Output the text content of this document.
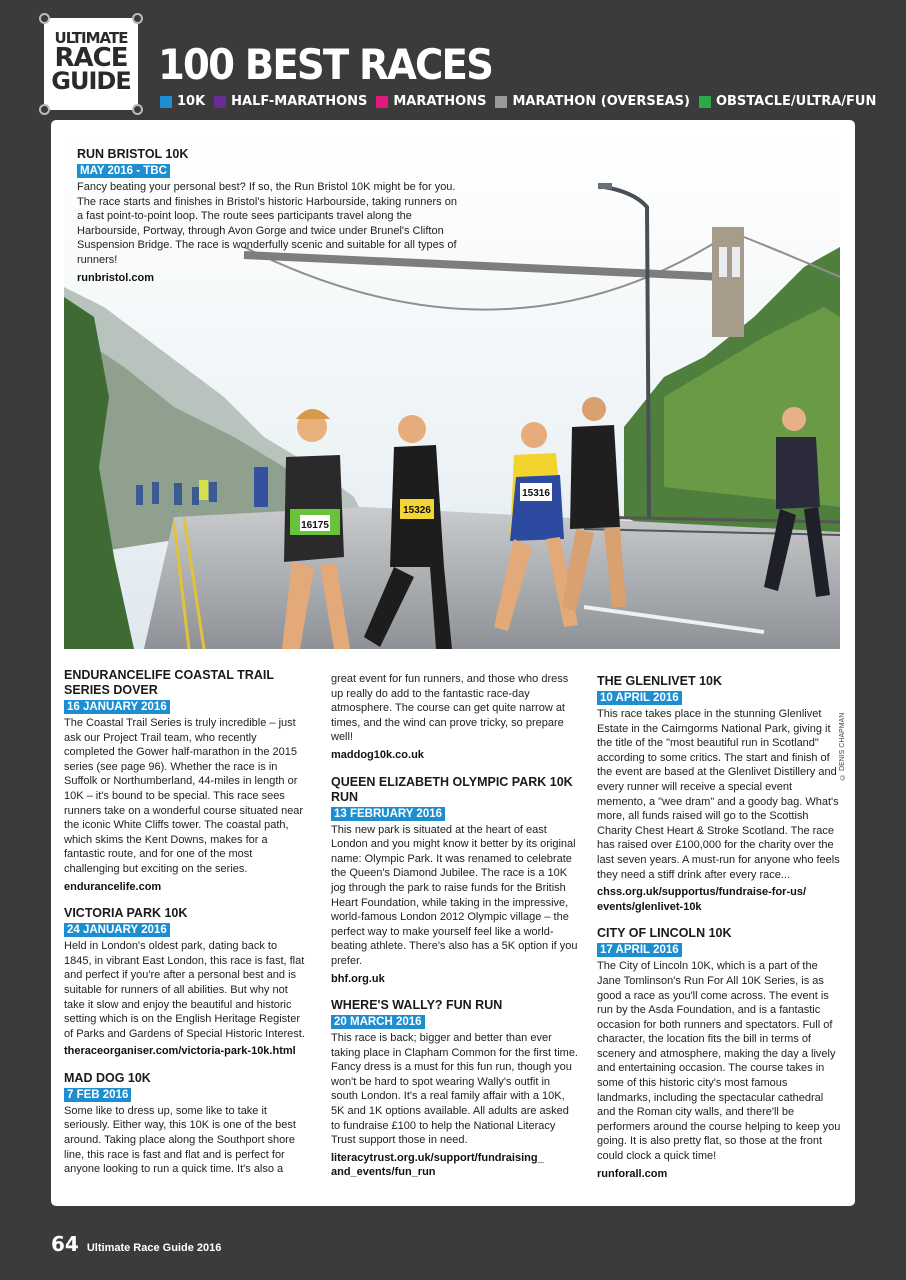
ULTIMATE
RACE
GUIDE 100 BEST RACES
10K HALF-MARATHONS MARATHONS MARATHON (OVERSEAS) OBSTACLE/ULTRA/FUN
16175
15326
15316
© DENIS CHAPMAN
RUN BRISTOL 10K
MAY 2016 - TBC

Fancy beating your personal best? If so, the Run Bristol 10K might be for you. The race starts and finishes in Bristol's historic Harbourside, taking runners on a fast point-to-point loop. The route sees participants travel along the Harbourside, Portway, through Avon Gorge and twice under Brunel's Clifton Suspension Bridge. The race is wonderfully scenic and suitable for all types of runners!

runbristol.com
ENDURANCELIFE COASTAL TRAIL SERIES DOVER
16 JANUARY 2016

The Coastal Trail Series is truly incredible – just ask our Project Trail team, who recently completed the Gower half-marathon in the 2015 series (see page 96). Whether the race is in Suffolk or Northumberland, 44-miles in length or 10K – it's bound to be special. This race sees runners take on a wonderful course situated near the iconic White Cliffs tower. The coastal path, which skims the Kent Downs, makes for a fantastic route, and for one of the most challenging but exciting on the series.

endurancelife.com
VICTORIA PARK 10K
24 JANUARY 2016

Held in London's oldest park, dating back to 1845, in vibrant East London, this race is fast, flat and perfect if you're after a personal best and is suitable for runners of all abilities. But why not take it slow and enjoy the beautiful and historic setting which is on the English Heritage Register of Parks and Gardens of Special Historic Interest.

theraceorganiser.com/victoria-park-10k.html
MAD DOG 10K
7 FEB 2016

Some like to dress up, some like to take it seriously. Either way, this 10K is one of the best around. Taking place along the Southport shore line, this race is fast and flat and is perfect for anyone looking to run a quick time. It's also a

great event for fun runners, and those who dress up really do add to the fantastic race-day atmosphere. The course can get quite narrow at times, and the wind can prove tricky, so prepare well!

maddog10k.co.uk
QUEEN ELIZABETH OLYMPIC PARK 10K RUN
13 FEBRUARY 2016

This new park is situated at the heart of east London and you might know it better by its original name: Olympic Park. It was renamed to celebrate the Queen's Diamond Jubilee. The race is a 10K jog through the park to raise funds for the British Heart Foundation, while taking in the impressive, world-famous London 2012 Olympic village – the perfect way to make yourself feel like a world-beating athlete. There's also has a 5K option if you prefer.

bhf.org.uk
WHERE'S WALLY? FUN RUN
20 MARCH 2016

This race is back; bigger and better than ever taking place in Clapham Common for the first time. Fancy dress is a must for this fun run, though you won't be hard to spot wearing Wally's outfit in south London. It's a real family affair with a 10K, 5K and 1K options available. All adults are asked to fundraise £100 to help the National Literacy Trust support those in need.

literacytrust.org.uk/support/fundraising_ and_events/fun_run
THE GLENLIVET 10K
10 APRIL 2016

This race takes place in the stunning Glenlivet Estate in the Cairngorms National Park, giving it the title of the "most beautiful run in Scotland" according to some critics. The start and finish of the event are based at the Glenlivet Distillery and every runner will receive a special event memento, a "wee dram" and a goody bag. What's more, all funds raised will go to the Scottish Charity Chest Heart & Stroke Scotland. The race has raised over £100,000 for the charity over the last seven years. A must-run for anyone who feels they need a stiff drink after every race...

chss.org.uk/supportus/fundraise-for-us/ events/glenlivet-10k
CITY OF LINCOLN 10K
17 APRIL 2016

The City of Lincoln 10K, which is a part of the Jane Tomlinson's Run For All 10K Series, is as good a race as you'll come across. The event is run by the Asda Foundation, and is a fantastic occasion for both runners and spectators. Full of character, the location fits the bill in terms of scenery and atmosphere, making the day a lively and entertaining occasion. The course takes in some of this historic city's most famous landmarks, including the spectacular cathedral and the Roman city walls, and there'll be performers around the course helping to keep you going. It is also pretty flat, so those at the front could clock a quick time!

runforall.com
64 Ultimate Race Guide 2016
